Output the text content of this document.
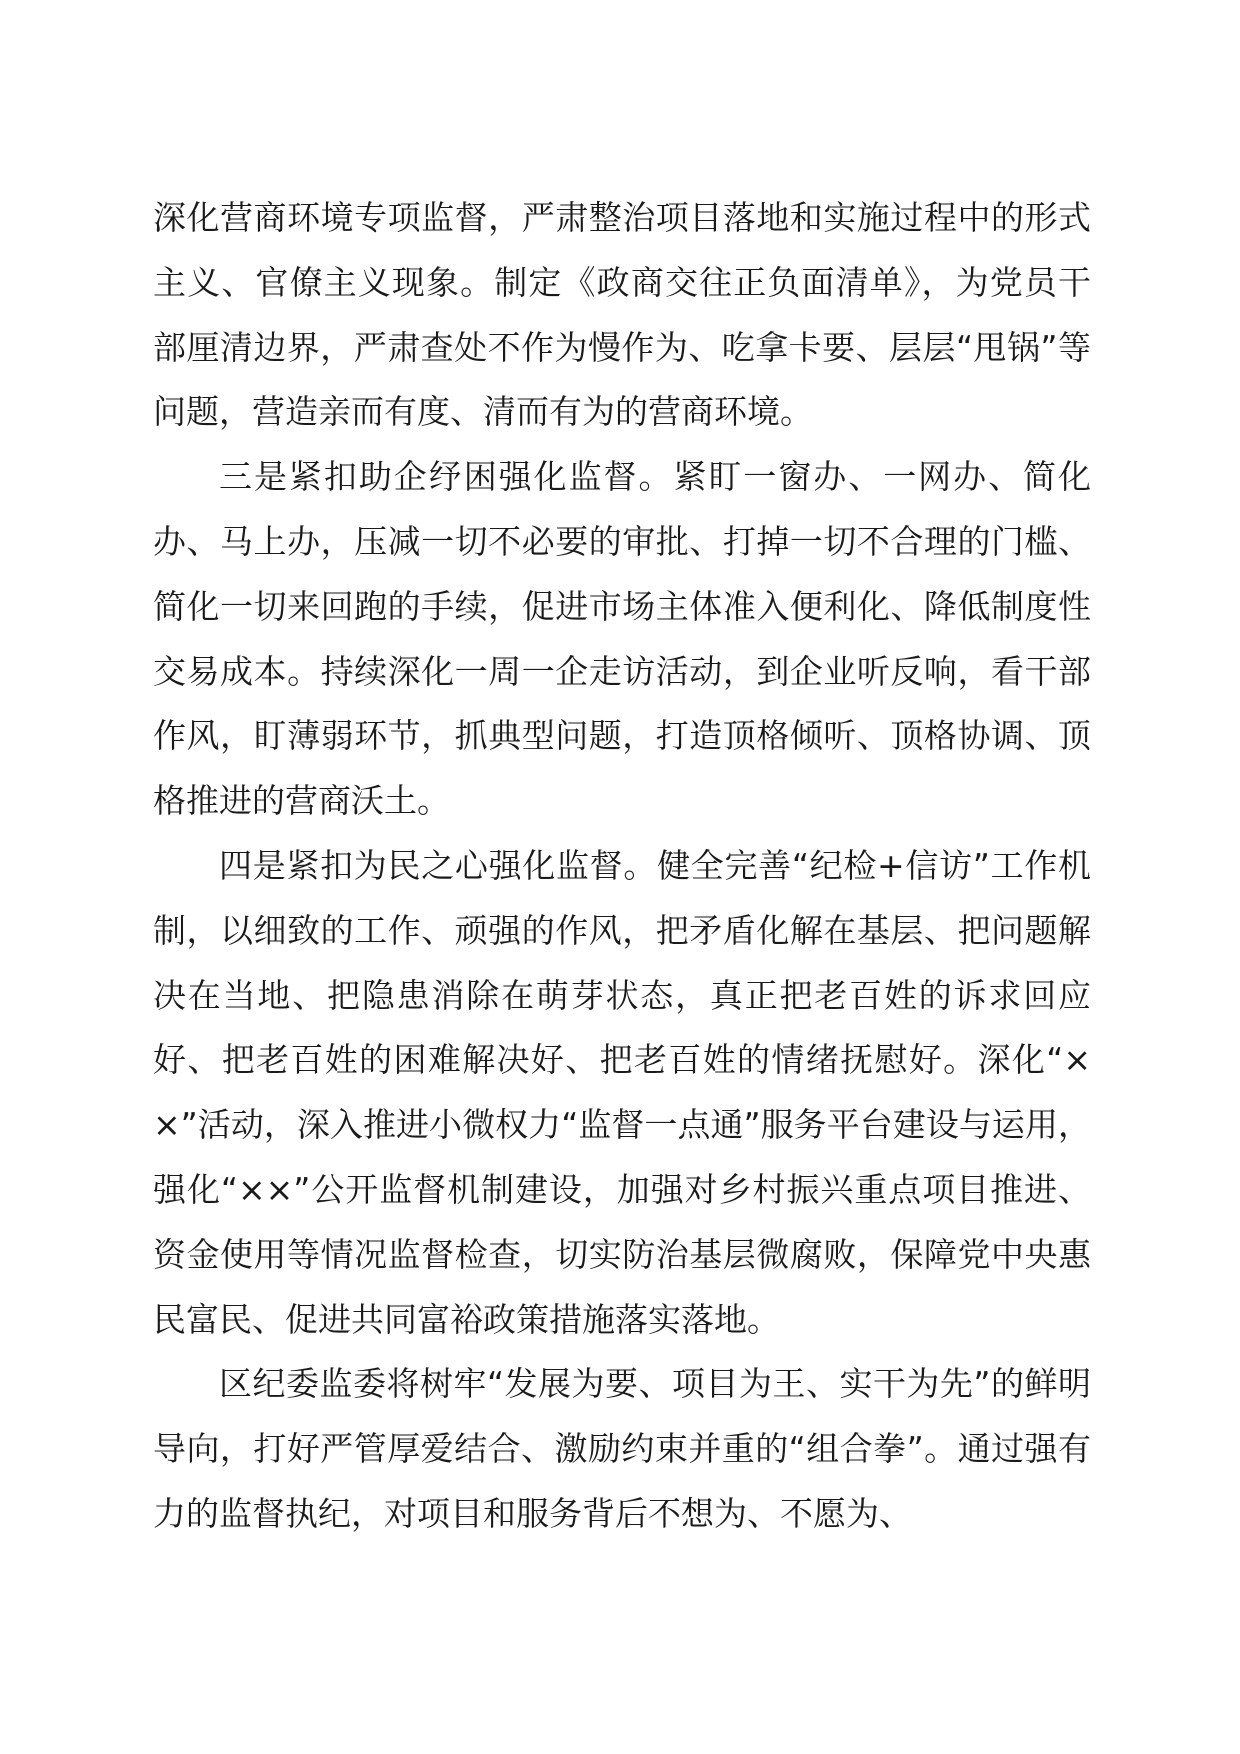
深化营商环境专项监督，严肃整治项目落地和实施过程中的形式主义、官僚主义现象。制定《政商交往正负面清单》，为党员干部厘清边界，严肃查处不作为慢作为、吃拿卡要、层层“甩锅”等问题，营造亲而有度、清而有为的营商环境。

三是紧扣助企纾困强化监督。紧盯一窗办、一网办、简化办、马上办，压减一切不必要的审批、打掉一切不合理的门槛、简化一切来回跑的手续，促进市场主体准入便利化、降低制度性交易成本。持续深化一周一企走访活动，到企业听反响，看干部作风，盯薄弱环节，抓典型问题，打造顶格倾听、顶格协调、顶格推进的营商沃土。

四是紧扣为民之心强化监督。健全完善“纪检+信访”工作机制，以细致的工作、顽强的作风，把矛盾化解在基层、把问题解决在当地、把隐患消除在萌芽状态，真正把老百姓的诉求回应好、把老百姓的困难解决好、把老百姓的情绪抚慰好。深化“××”活动，深入推进小微权力“监督一点通”服务平台建设与运用，强化“××”公开监督机制建设，加强对乡村振兴重点项目推进、资金使用等情况监督检查，切实防治基层微腐败，保障党中央惠民富民、促进共同富裕政策措施落实落地。

区纪委监委将树牢“发展为要、项目为王、实干为先”的鲜明导向，打好严管厚爱结合、激励约束并重的“组合拳”。通过强有力的监督执纪，对项目和服务背后不想为、不愿为、
